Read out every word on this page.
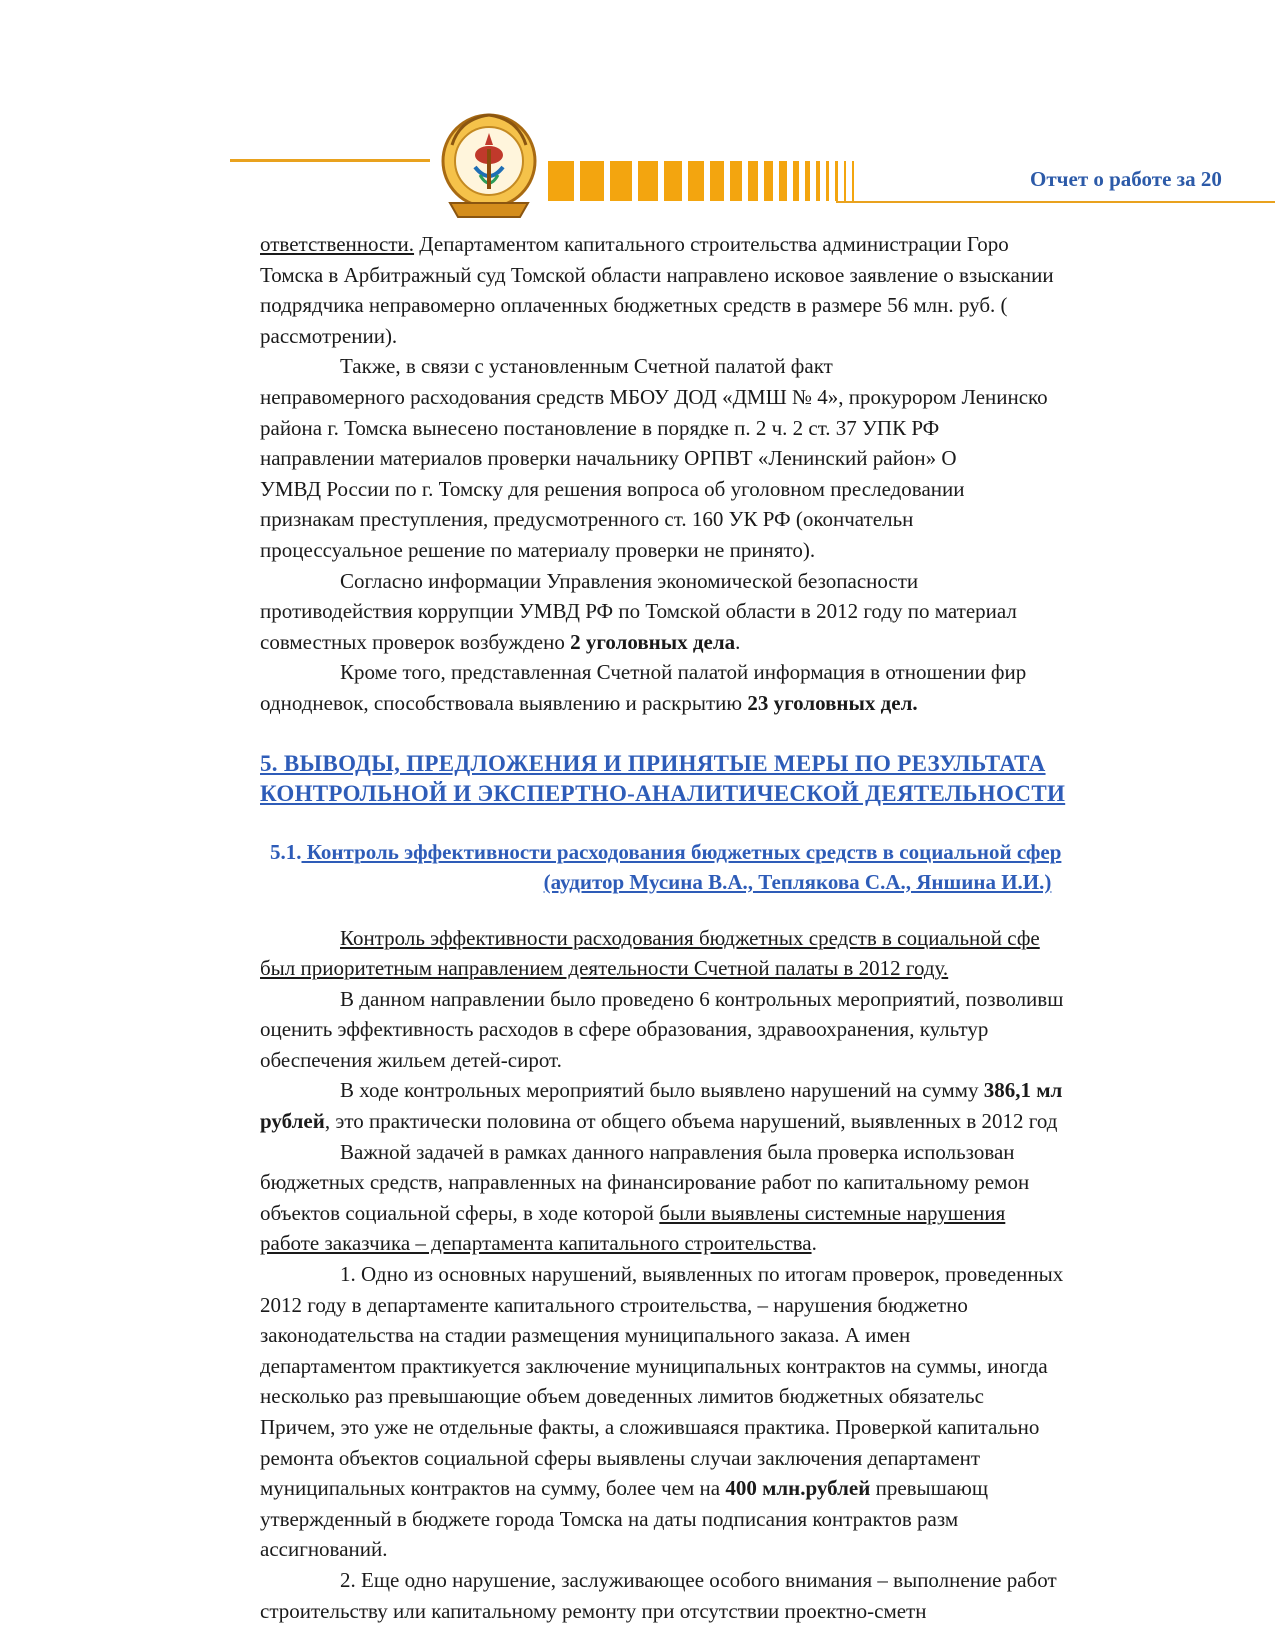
Отчет о работе за 20

ответственности. Департаментом капитального строительства администрации Горо

Томска в Арбитражный суд Томской области направлено исковое заявление о взыскании

подрядчика неправомерно оплаченных бюджетных средств в размере 56 млн. руб. (

рассмотрении).

Также, в связи с установленным Счетной палатой факт

неправомерного расходования средств МБОУ ДОД «ДМШ № 4», прокурором Ленинско

района г. Томска вынесено постановление в порядке п. 2 ч. 2 ст. 37 УПК РФ

направлении материалов проверки начальнику ОРПВТ «Ленинский район» О

УМВД России по г. Томску для решения вопроса об уголовном преследовании

признакам преступления, предусмотренного ст. 160 УК РФ (окончательн

процессуальное решение по материалу проверки не принято).

Согласно информации Управления экономической безопасности

противодействия коррупции УМВД РФ по Томской области в 2012 году по материал

совместных проверок возбуждено 2 уголовных дела.

Кроме того, представленная Счетной палатой информация в отношении фир

однодневок, способствовала выявлению и раскрытию 23 уголовных дел.

5. ВЫВОДЫ, ПРЕДЛОЖЕНИЯ И ПРИНЯТЫЕ МЕРЫ ПО РЕЗУЛЬТАТА

КОНТРОЛЬНОЙ И ЭКСПЕРТНО-АНАЛИТИЧЕСКОЙ ДЕЯТЕЛЬНОСТИ

5.1. Контроль эффективности расходования бюджетных средств в социальной сфер

(аудитор Мусина В.А., Теплякова С.А., Яншина И.И.)

Контроль эффективности расходования бюджетных средств в социальной сфе

был приоритетным направлением деятельности Счетной палаты в 2012 году.

В данном направлении было проведено 6 контрольных мероприятий, позволивш

оценить эффективность расходов в сфере образования, здравоохранения, культур

обеспечения жильем детей-сирот.

В ходе контрольных мероприятий было выявлено нарушений на сумму 386,1 мл

рублей, это практически половина от общего объема нарушений, выявленных в 2012 год

Важной задачей в рамках данного направления была проверка использован

бюджетных средств, направленных на финансирование работ по капитальному ремон

объектов социальной сферы, в ходе которой были выявлены системные нарушения

работе заказчика – департамента капитального строительства.

1. Одно из основных нарушений, выявленных по итогам проверок, проведенных

2012 году в департаменте капитального строительства, – нарушения бюджетно

законодательства на стадии размещения муниципального заказа. А имен

департаментом практикуется заключение муниципальных контрактов на суммы, иногда

несколько раз превышающие объем доведенных лимитов бюджетных обязательс

Причем, это уже не отдельные факты, а сложившаяся практика. Проверкой капитально

ремонта объектов социальной сферы выявлены случаи заключения департамент

муниципальных контрактов на сумму, более чем на 400 млн.рублей превышающ

утвержденный в бюджете города Томска на даты подписания контрактов разм

ассигнований.

2. Еще одно нарушение, заслуживающее особого внимания – выполнение работ

строительству или капитальному ремонту при отсутствии проектно-сметн
